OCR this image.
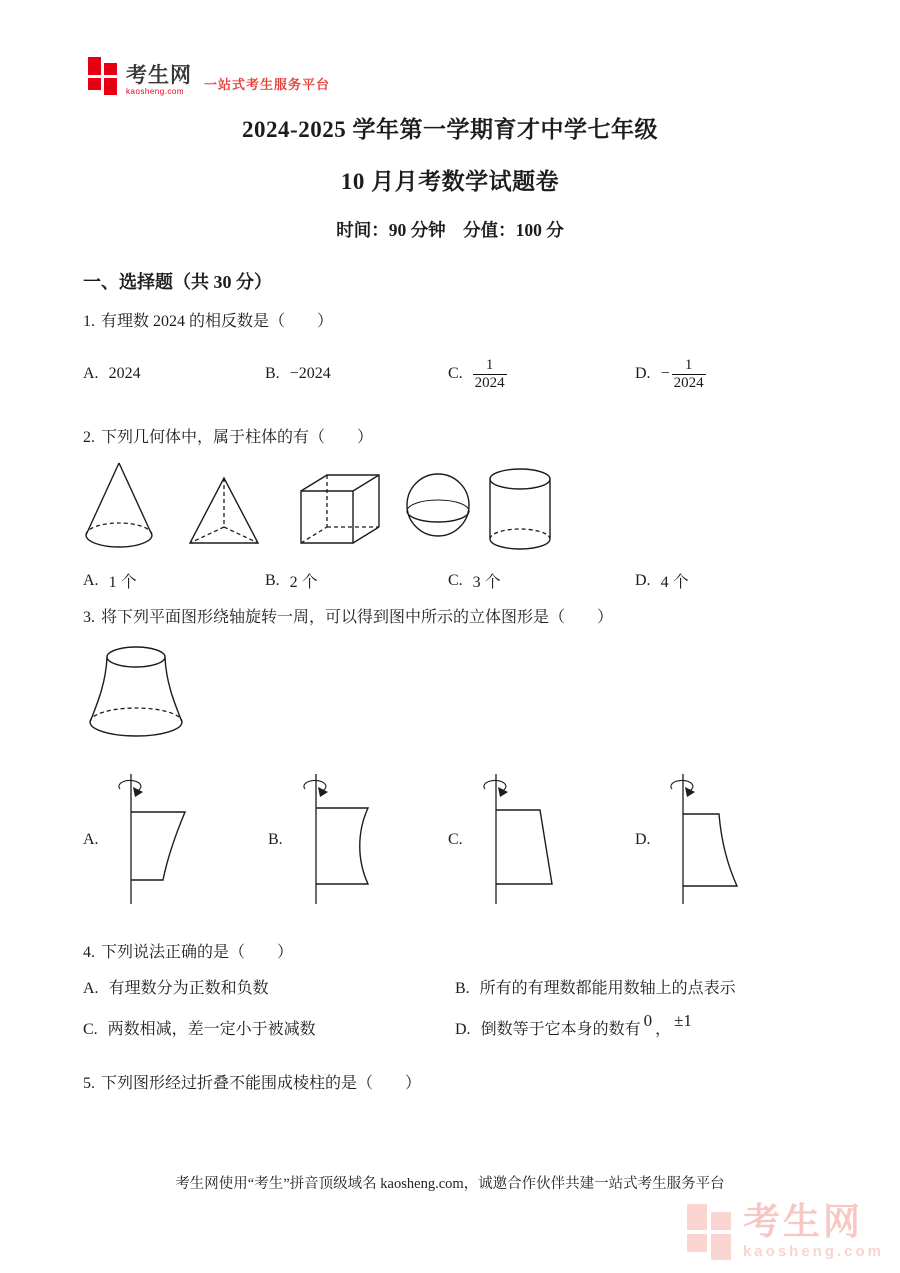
考生网
kaosheng.com	一站式考生服务平台
2024-2025 学年第一学期育才中学七年级
10 月月考数学试题卷
时间：90 分钟　分值：100 分
一、选择题（共 30 分）

1. 有理数 2024 的相反数是（　　）

A. 2024	B. −2024	C. $\frac{1}{2024}$	D. − $\frac{1}{2024}$

2. 下列几何体中，属于柱体的有（　　）

A. 1 个	B. 2 个	C. 3 个	D. 4 个

3. 将下列平面图形绕轴旋转一周，可以得到图中所示的立体图形是（　　）

A.	B.	C.	D.

4. 下列说法正确的是（　　）

A. 有理数分为正数和负数	B. 所有的有理数都能用数轴上的点表示
C. 两数相减，差一定小于被减数	D. 倒数等于它本身的数有 0 ， ±1

5. 下列图形经过折叠不能围成棱柱的是（　　）

考生网使用“考生”拼音顶级域名 kaosheng.com，诚邀合作伙伴共建一站式考生服务平台
考生网
kaosheng.com
